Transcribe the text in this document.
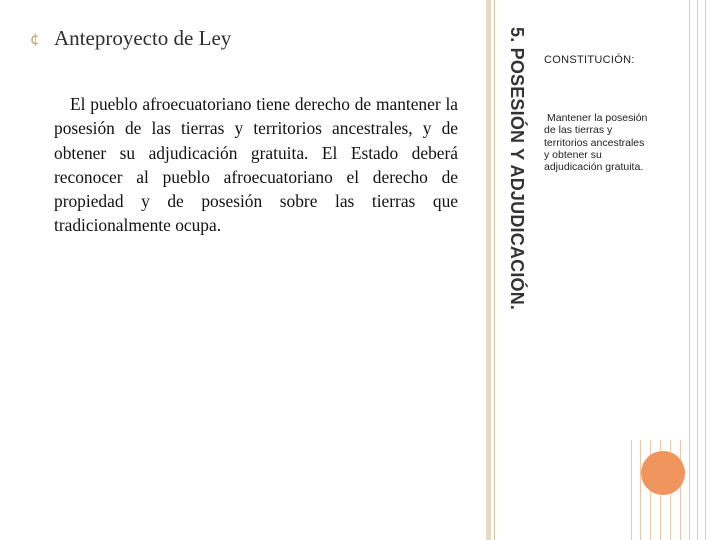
¢ Anteproyecto de Ley
El pueblo afroecuatoriano tiene derecho de mantener la posesión de las tierras y territorios ancestrales, y de obtener su adjudicación gratuita. El Estado deberá reconocer al pueblo afroecuatoriano el derecho de propiedad y de posesión sobre las tierras que tradicionalmente ocupa.	5. POSESIÓN Y ADJUDICACIÓN. CONSTITUCIÓN:
Mantener la posesión de las tierras y territorios ancestrales y obtener su adjudicación gratuita.
